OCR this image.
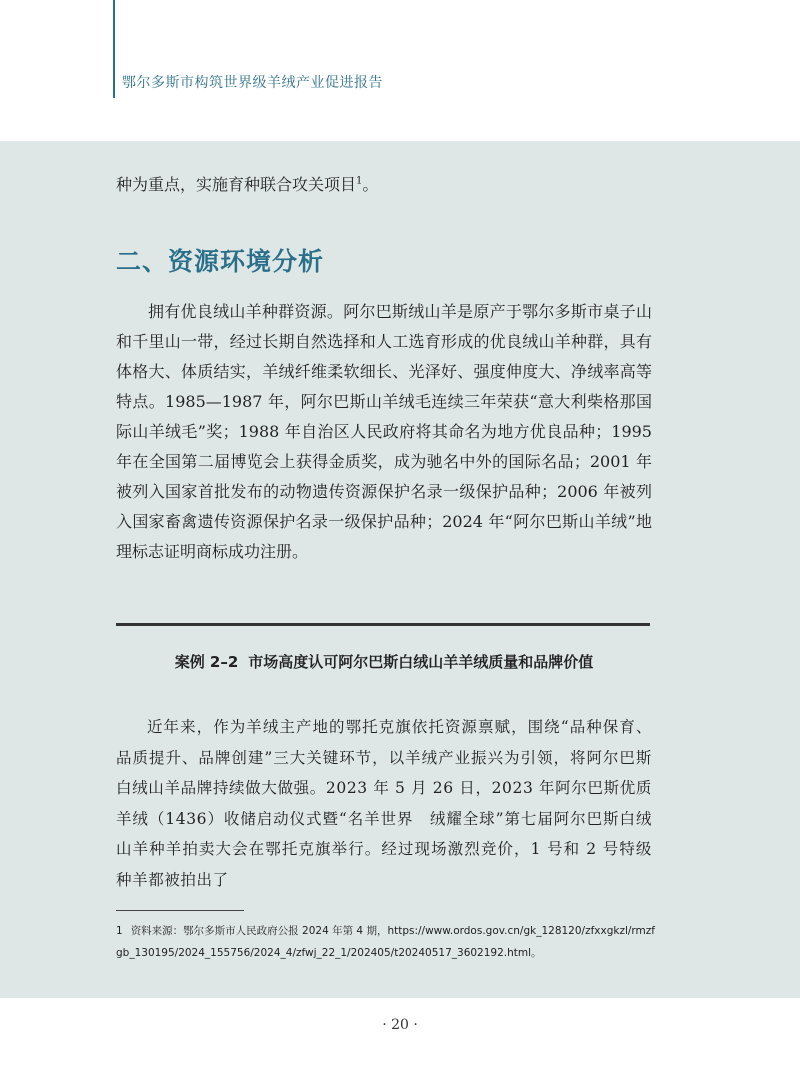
鄂尔多斯市构筑世界级羊绒产业促进报告
种为重点，实施育种联合攻关项目$^1$。
二、资源环境分析
拥有优良绒山羊种群资源。阿尔巴斯绒山羊是原产于鄂尔多斯市桌子山和千里山一带，经过长期自然选择和人工选育形成的优良绒山羊种群，具有体格大、体质结实，羊绒纤维柔软细长、光泽好、强度伸度大、净绒率高等特点。1985—1987 年，阿尔巴斯山羊绒毛连续三年荣获“意大利柴格那国际山羊绒毛”奖；1988 年自治区人民政府将其命名为地方优良品种；1995 年在全国第二届博览会上获得金质奖，成为驰名中外的国际名品；2001 年被列入国家首批发布的动物遗传资源保护名录一级保护品种；2006 年被列入国家畜禽遗传资源保护名录一级保护品种；2024 年“阿尔巴斯山羊绒”地理标志证明商标成功注册。
案例 2–2 市场高度认可阿尔巴斯白绒山羊羊绒质量和品牌价值
近年来，作为羊绒主产地的鄂托克旗依托资源禀赋，围绕“品种保育、品质提升、品牌创建”三大关键环节，以羊绒产业振兴为引领，将阿尔巴斯白绒山羊品牌持续做大做强。2023 年 5 月 26 日，2023 年阿尔巴斯优质羊绒（1436）收储启动仪式暨“名羊世界　绒耀全球”第七届阿尔巴斯白绒山羊种羊拍卖大会在鄂托克旗举行。经过现场激烈竞价，1 号和 2 号特级种羊都被拍出了
1 资料来源：鄂尔多斯市人民政府公报 2024 年第 4 期，https://www.ordos.gov.cn/gk_128120/zfxxgkzl/rmzfgb_130195/2024_155756/2024_4/zfwj_22_1/202405/t20240517_3602192.html。
· 20 ·
